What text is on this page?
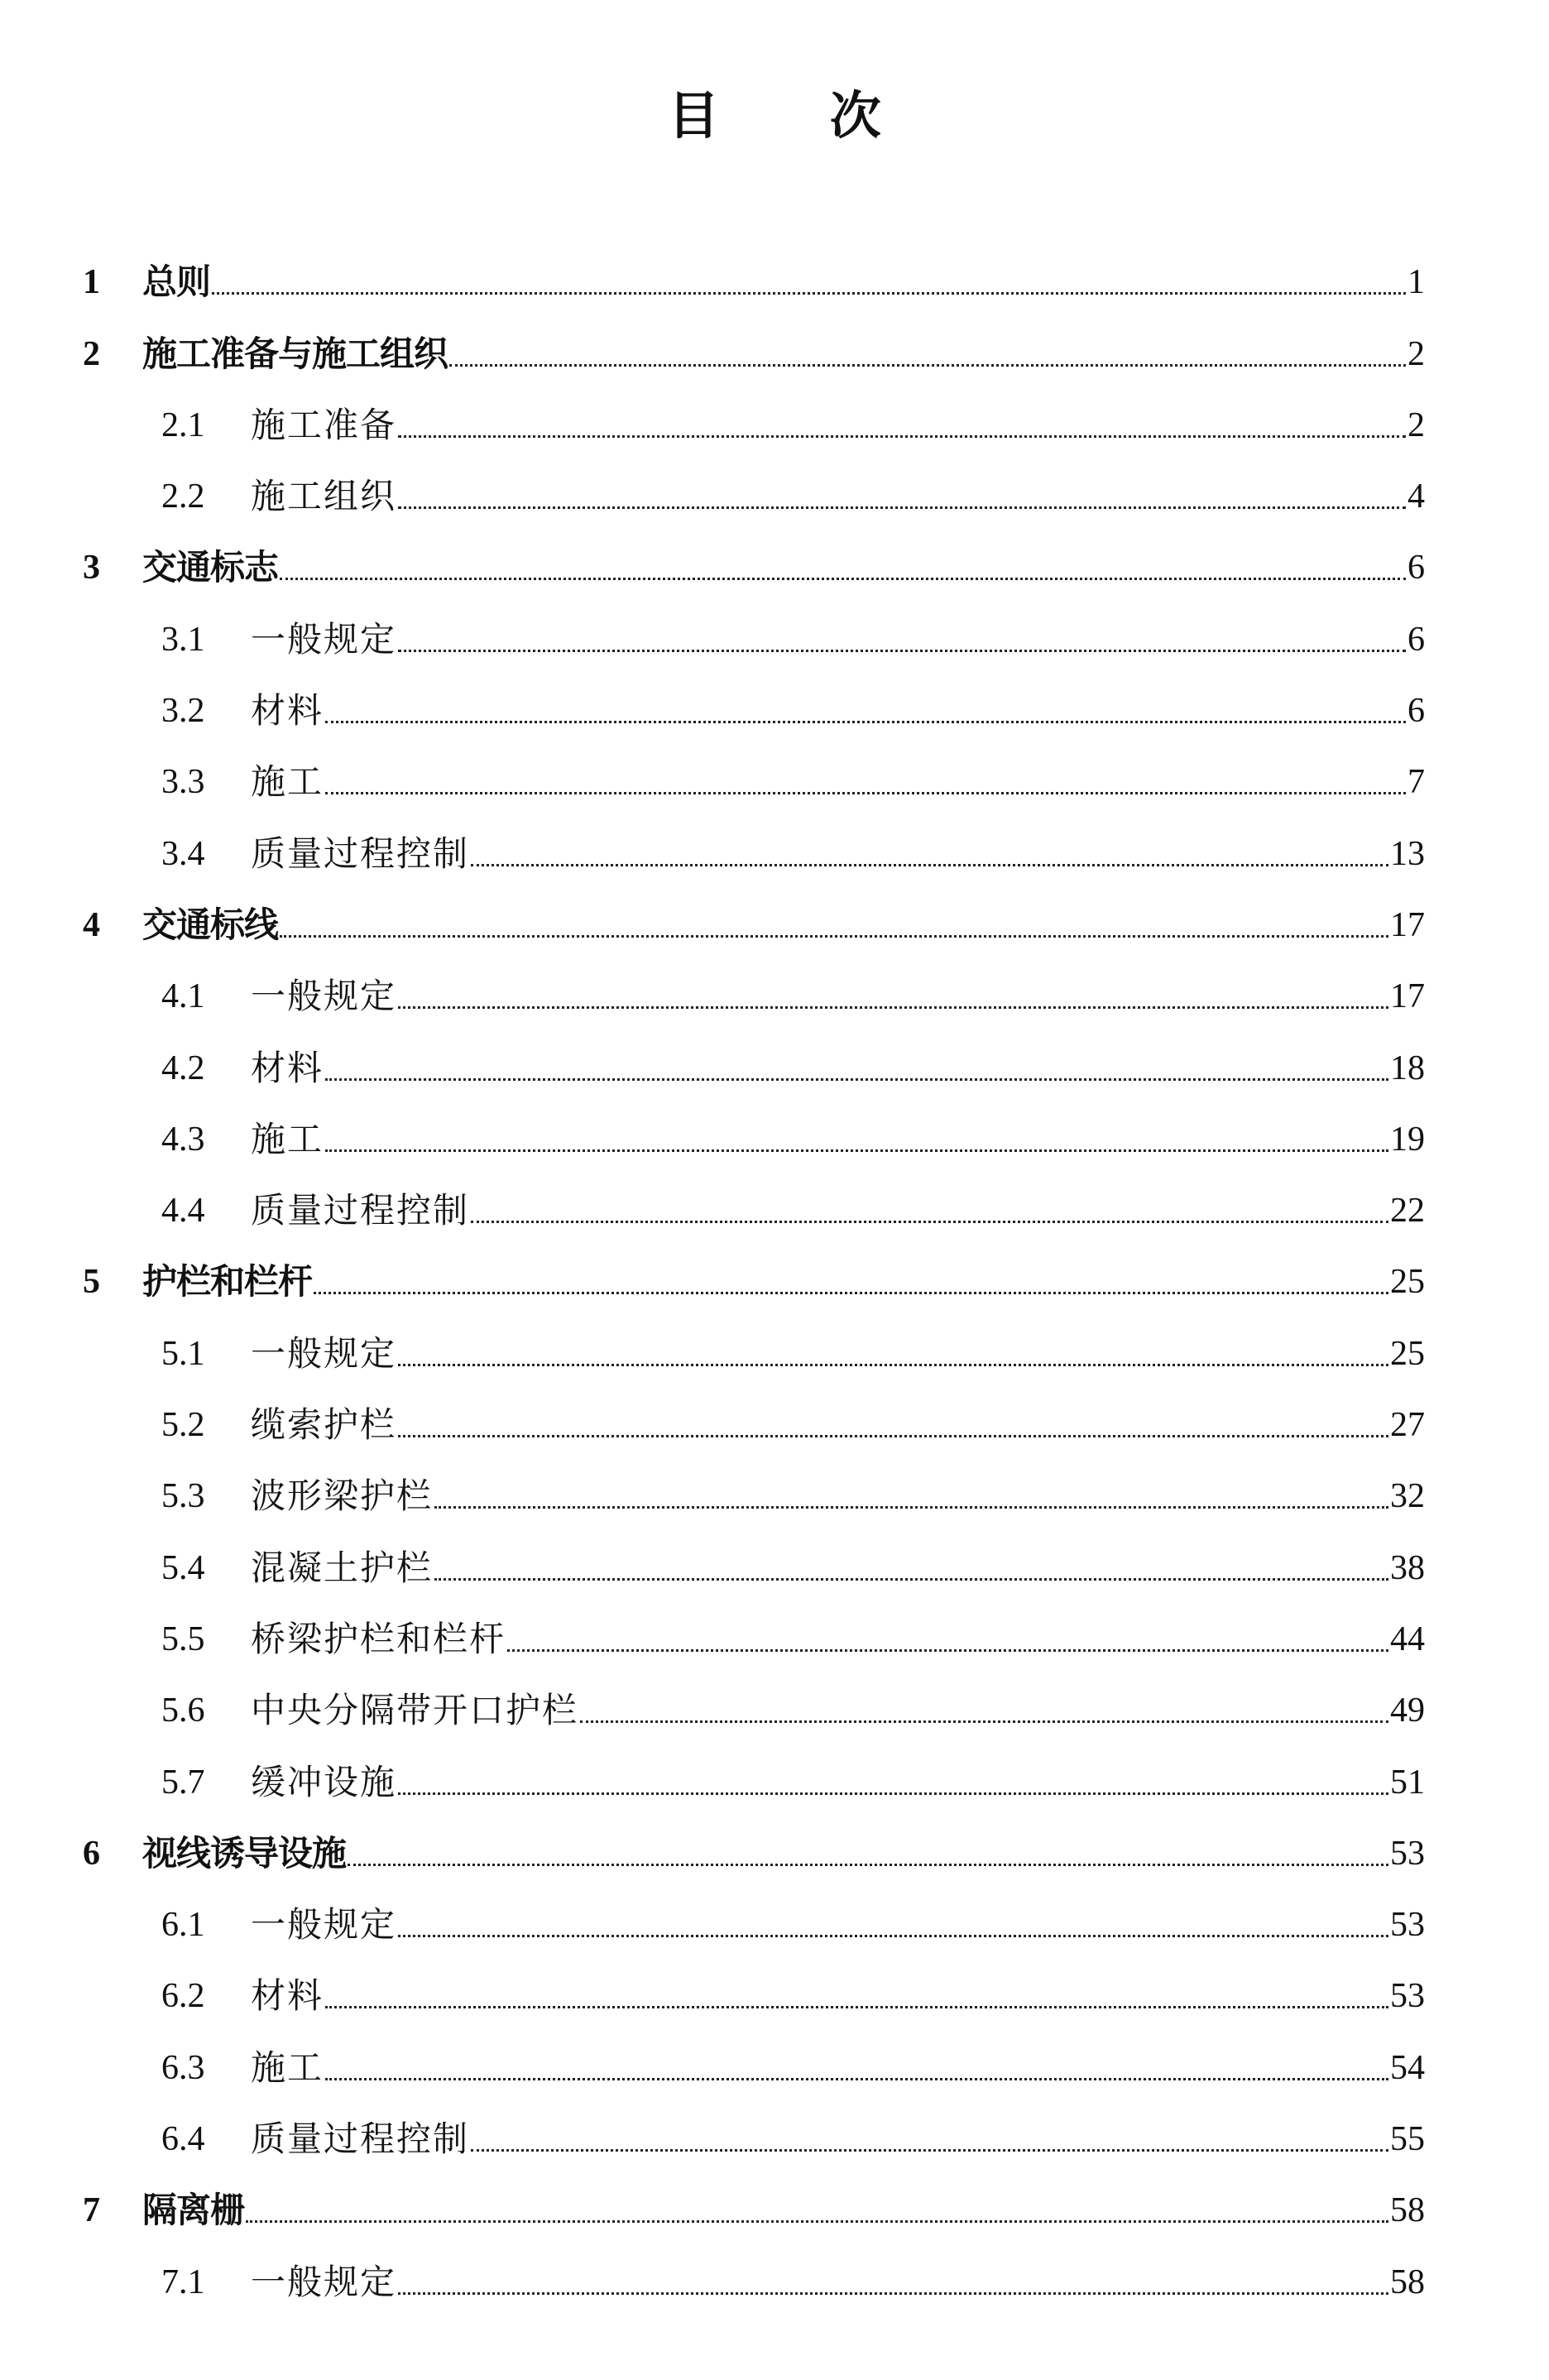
目 次
1	总则	1
2	施工准备与施工组织	2
2.1	施工准备	2
2.2	施工组织	4
3	交通标志	6
3.1	一般规定	6
3.2	材料	6
3.3	施工	7
3.4	质量过程控制	13
4	交通标线	17
4.1	一般规定	17
4.2	材料	18
4.3	施工	19
4.4	质量过程控制	22
5	护栏和栏杆	25
5.1	一般规定	25
5.2	缆索护栏	27
5.3	波形梁护栏	32
5.4	混凝土护栏	38
5.5	桥梁护栏和栏杆	44
5.6	中央分隔带开口护栏	49
5.7	缓冲设施	51
6	视线诱导设施	53
6.1	一般规定	53
6.2	材料	53
6.3	施工	54
6.4	质量过程控制	55
7	隔离栅	58
7.1	一般规定	58
